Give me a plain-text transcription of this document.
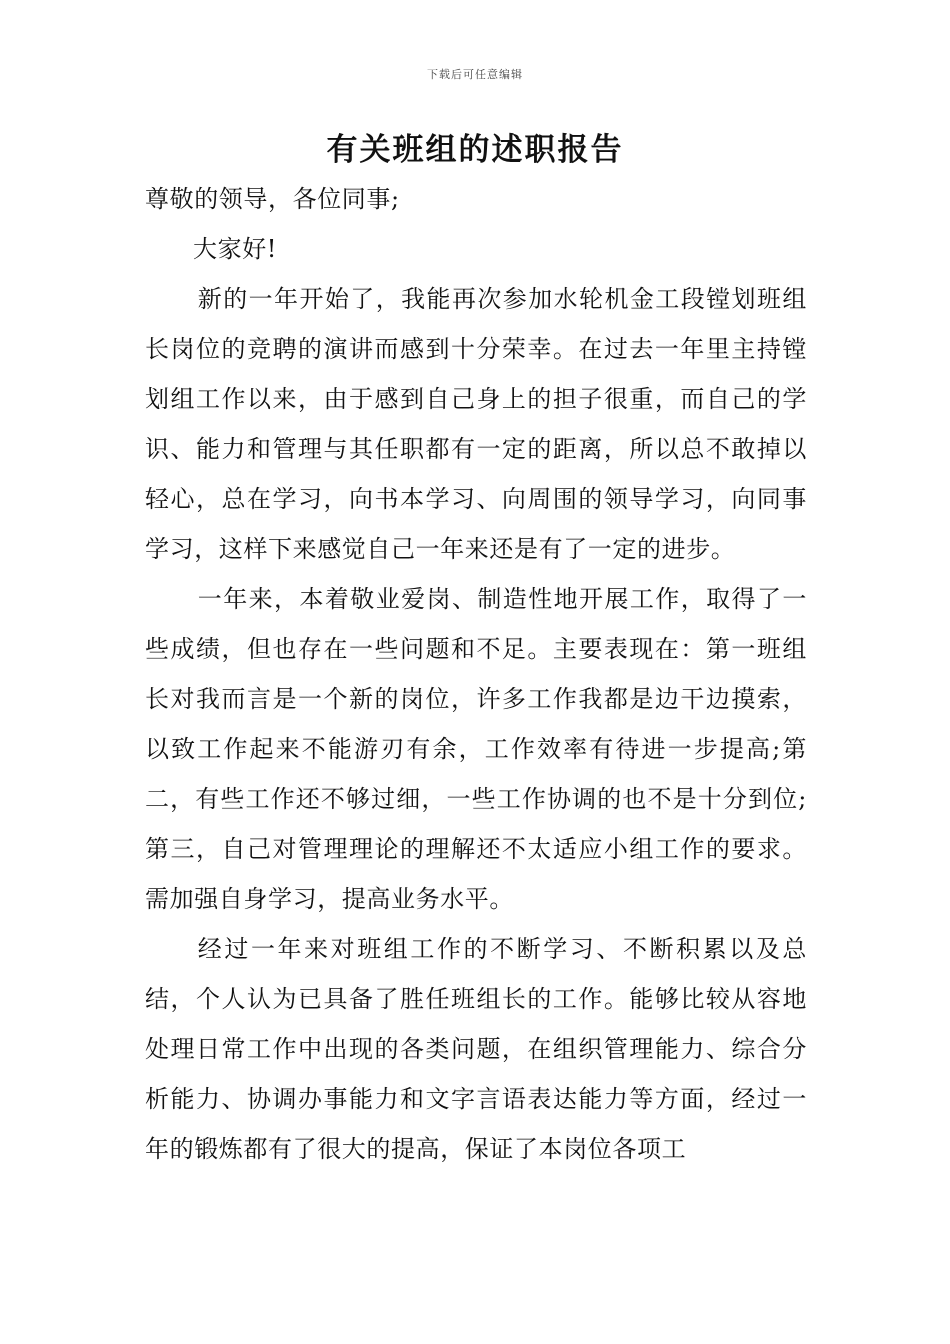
下载后可任意编辑
有关班组的述职报告

尊敬的领导，各位同事;

大家好!

新的一年开始了，我能再次参加水轮机金工段镗划班组长岗位的竞聘的演讲而感到十分荣幸。在过去一年里主持镗划组工作以来，由于感到自己身上的担子很重，而自己的学识、能力和管理与其任职都有一定的距离，所以总不敢掉以轻心，总在学习，向书本学习、向周围的领导学习，向同事学习，这样下来感觉自己一年来还是有了一定的进步。

一年来，本着敬业爱岗、制造性地开展工作，取得了一些成绩，但也存在一些问题和不足。主要表现在：第一班组长对我而言是一个新的岗位，许多工作我都是边干边摸索，以致工作起来不能游刃有余，工作效率有待进一步提高;第二，有些工作还不够过细，一些工作协调的也不是十分到位;第三，自己对管理理论的理解还不太适应小组工作的要求。需加强自身学习，提高业务水平。

经过一年来对班组工作的不断学习、不断积累以及总结，个人认为已具备了胜任班组长的工作。能够比较从容地处理日常工作中出现的各类问题，在组织管理能力、综合分析能力、协调办事能力和文字言语表达能力等方面，经过一年的锻炼都有了很大的提高，保证了本岗位各项工
